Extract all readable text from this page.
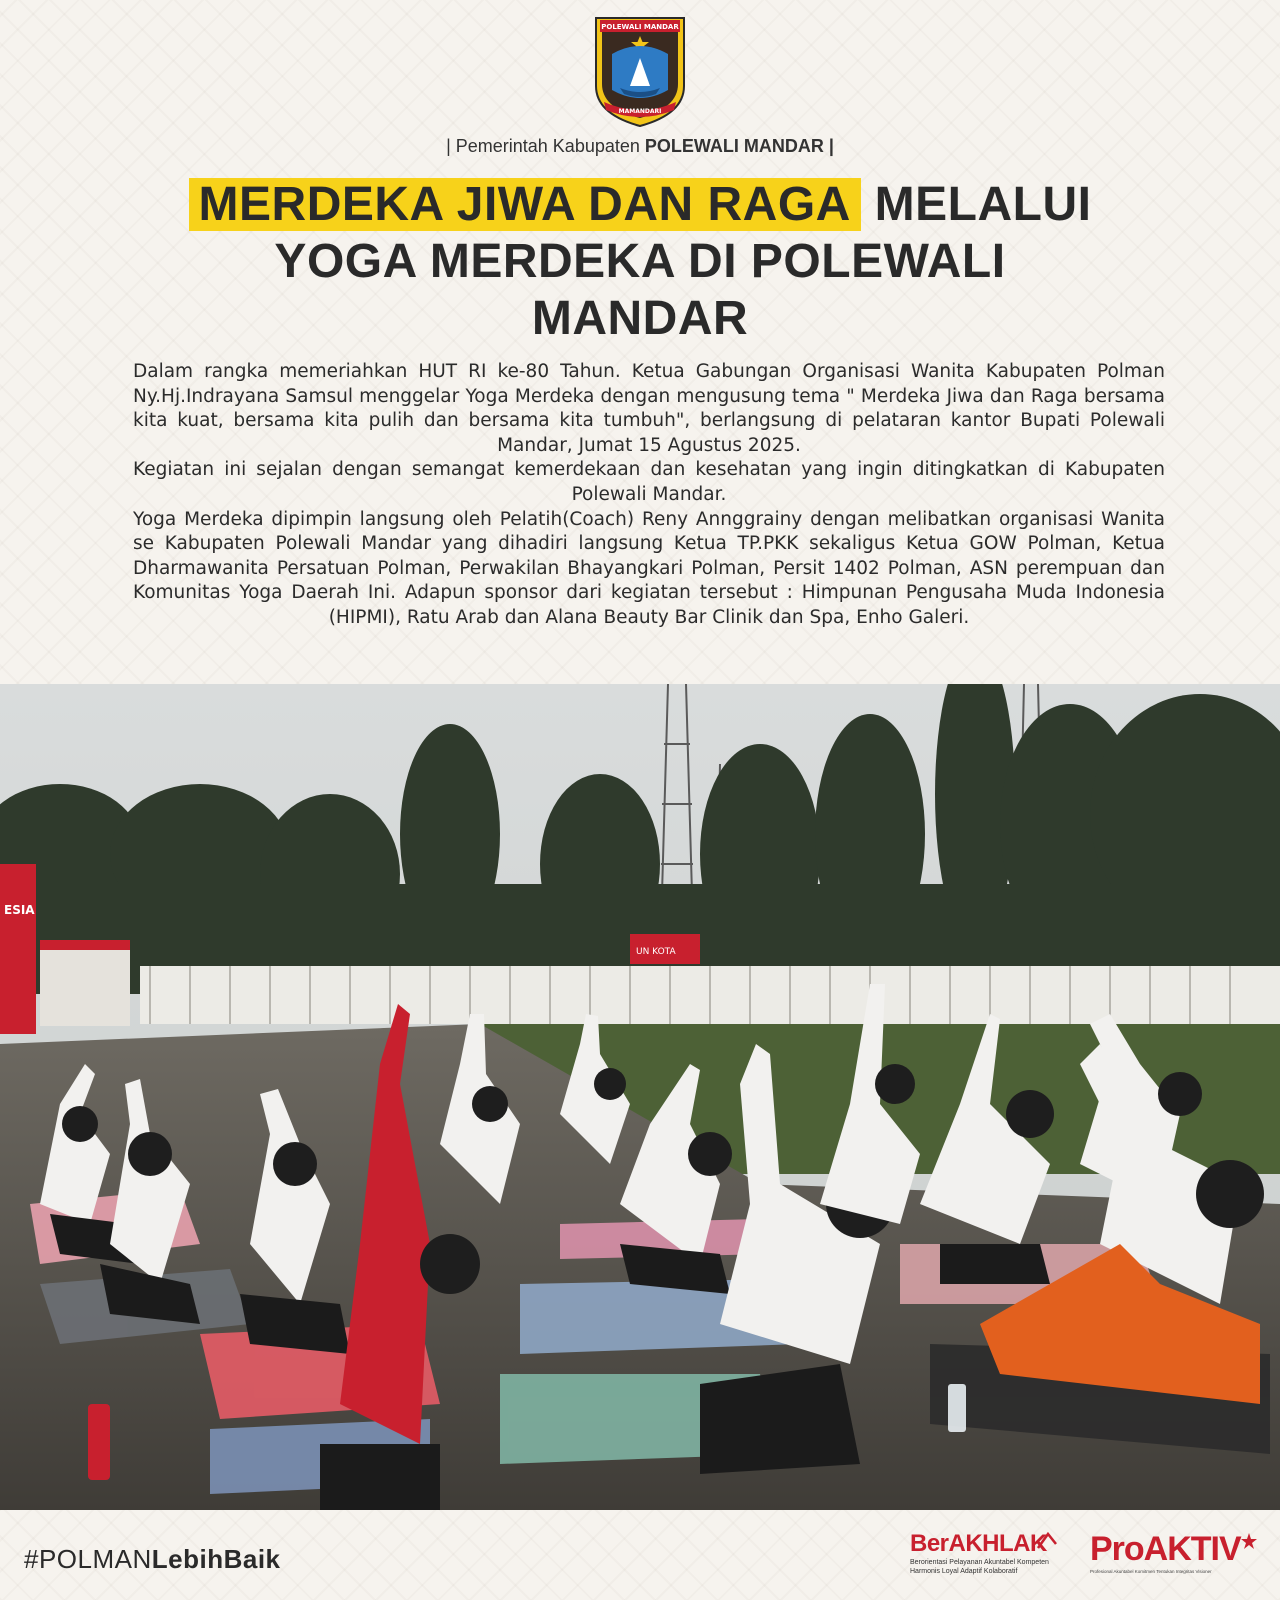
POLEWALI MANDAR
MAMANDARI
| Pemerintah Kabupaten POLEWALI MANDAR |
MERDEKA JIWA DAN RAGA MELALUI
YOGA MERDEKA DI POLEWALI
MANDAR

Dalam rangka memeriahkan HUT RI ke-80 Tahun. Ketua Gabungan Organisasi Wanita Kabupaten Polman Ny.Hj.Indrayana Samsul menggelar Yoga Merdeka dengan mengusung tema " Merdeka Jiwa dan Raga bersama kita kuat, bersama kita pulih dan bersama kita tumbuh", berlangsung di pelataran kantor Bupati Polewali Mandar, Jumat 15 Agustus 2025.

Kegiatan ini sejalan dengan semangat kemerdekaan dan kesehatan yang ingin ditingkatkan di Kabupaten Polewali Mandar.

Yoga Merdeka dipimpin langsung oleh Pelatih(Coach) Reny Annggrainy dengan melibatkan organisasi Wanita se Kabupaten Polewali Mandar yang dihadiri langsung Ketua TP.PKK sekaligus Ketua GOW Polman, Ketua Dharmawanita Persatuan Polman, Perwakilan Bhayangkari Polman, Persit 1402 Polman, ASN perempuan dan Komunitas Yoga Daerah Ini. Adapun sponsor dari kegiatan tersebut : Himpunan Pengusaha Muda Indonesia (HIPMI), Ratu Arab dan Alana Beauty Bar Clinik dan Spa, Enho Galeri.

ESIA
UN KOTA
#POLMANLebihBaik
BerAKHLAK
Berorientasi Pelayanan Akuntabel Kompeten
Harmonis Loyal Adaptif Kolaboratif
ProAKTIV
Profesional Akuntabel Komitmen Tentukan Integritas Visioner
